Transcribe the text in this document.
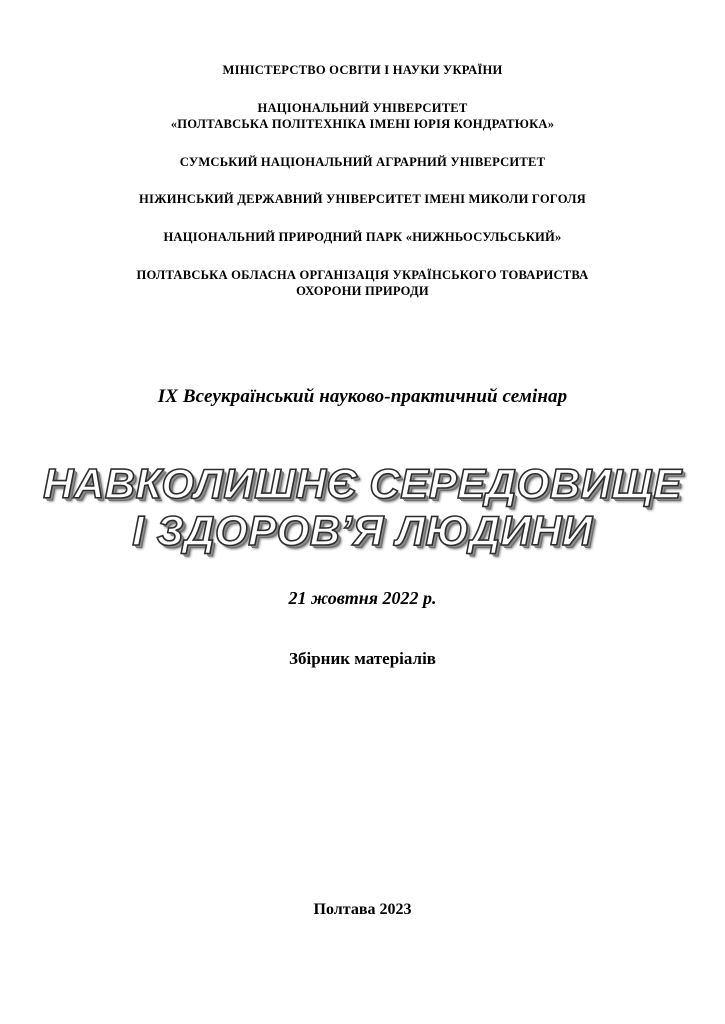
МІНІСТЕРСТВО ОСВІТИ І НАУКИ УКРАЇНИ
НАЦІОНАЛЬНИЙ УНІВЕРСИТЕТ
«ПОЛТАВСЬКА ПОЛІТЕХНІКА ІМЕНІ ЮРІЯ КОНДРАТЮКА»
СУМСЬКИЙ НАЦІОНАЛЬНИЙ АГРАРНИЙ УНІВЕРСИТЕТ
НІЖИНСЬКИЙ ДЕРЖАВНИЙ УНІВЕРСИТЕТ ІМЕНІ МИКОЛИ ГОГОЛЯ
НАЦІОНАЛЬНИЙ ПРИРОДНИЙ ПАРК «НИЖНЬОСУЛЬСЬКИЙ»
ПОЛТАВСЬКА ОБЛАСНА ОРГАНІЗАЦІЯ УКРАЇНСЬКОГО ТОВАРИСТВА
ОХОРОНИ ПРИРОДИ
IX Всеукраїнський науково-практичний семінар
НАВКОЛИШНЄ СЕРЕДОВИЩЕ
І ЗДОРОВ’Я ЛЮДИНИ
21 жовтня 2022 р.
Збірник матеріалів
Полтава 2023
